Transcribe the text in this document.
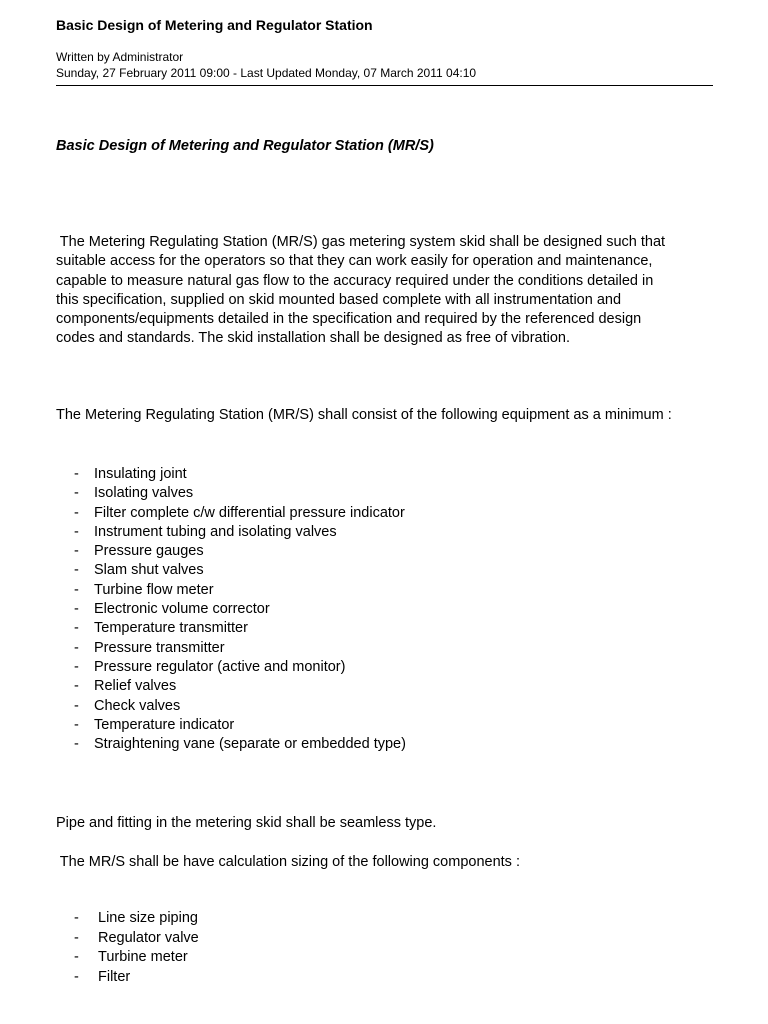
Basic Design of Metering and Regulator Station
Written by Administrator
Sunday, 27 February 2011 09:00 - Last Updated Monday, 07 March 2011 04:10
Basic Design of Metering and Regulator Station (MR/S)
The Metering Regulating Station (MR/S) gas metering system skid shall be designed such that
suitable access for the operators so that they can work easily for operation and maintenance,
capable to measure natural gas flow to the accuracy required under the conditions detailed in
this specification, supplied on skid mounted based complete with all instrumentation and
components/equipments detailed in the specification and required by the referenced design
codes and standards. The skid installation shall be designed as free of vibration.
The Metering Regulating Station (MR/S) shall consist of the following equipment as a minimum :
- Insulating joint
- Isolating valves
- Filter complete c/w differential pressure indicator
- Instrument tubing and isolating valves
- Pressure gauges
- Slam shut valves
- Turbine flow meter
- Electronic volume corrector
- Temperature transmitter
- Pressure transmitter
- Pressure regulator (active and monitor)
- Relief valves
- Check valves
- Temperature indicator
- Straightening vane (separate or embedded type)
Pipe and fitting in the metering skid shall be seamless type.
The MR/S shall be have calculation sizing of the following components :
- Line size piping
- Regulator valve
- Turbine meter
- Filter
